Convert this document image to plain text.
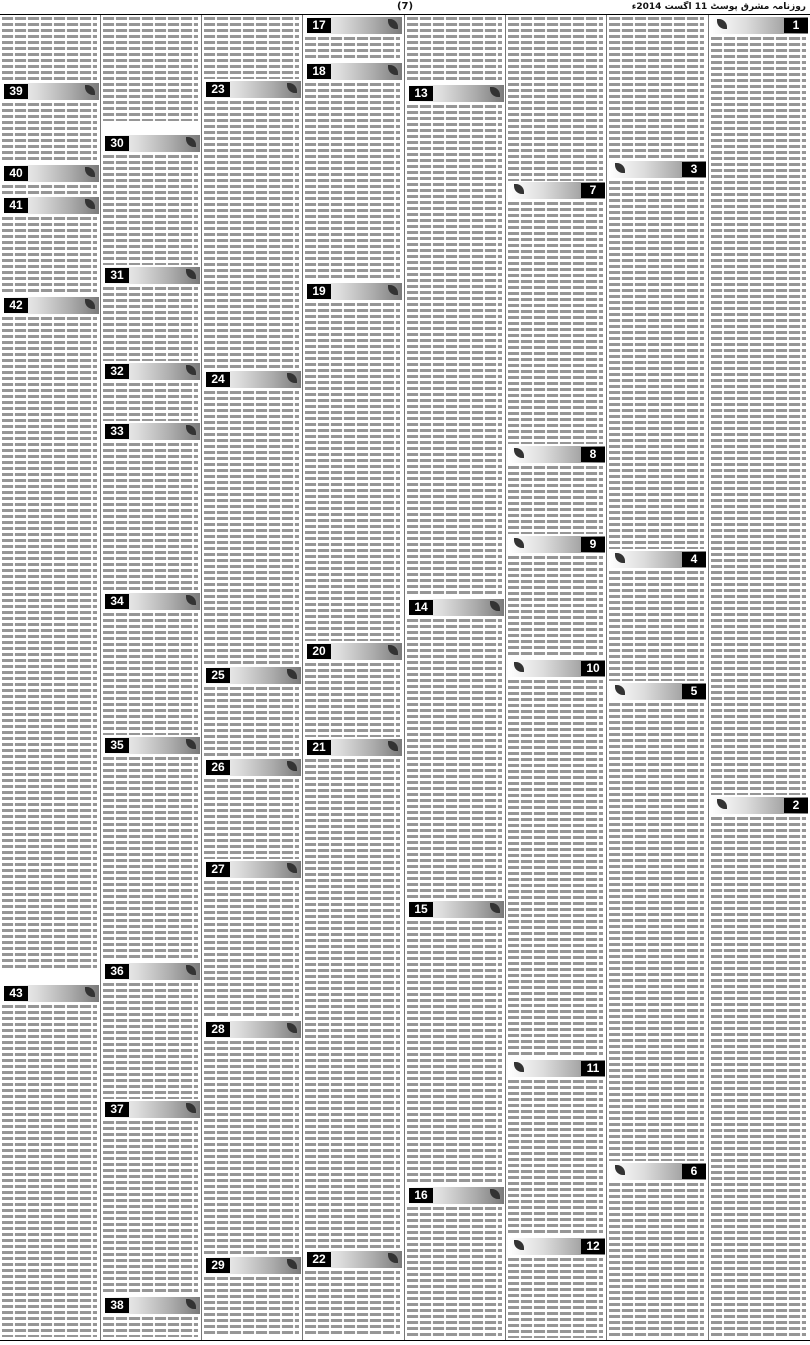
(7)	روزنامہ مشرق پوسٹ 11 اگست 2014ء
1
2
3
4
5
6
7
8
9
10
11
12
13
14
15
16
17
18
19
20
21
22
23
24
25
26
27
28
29
30
31
32
33
34
35
36
37
38
39
40
41
42
43
